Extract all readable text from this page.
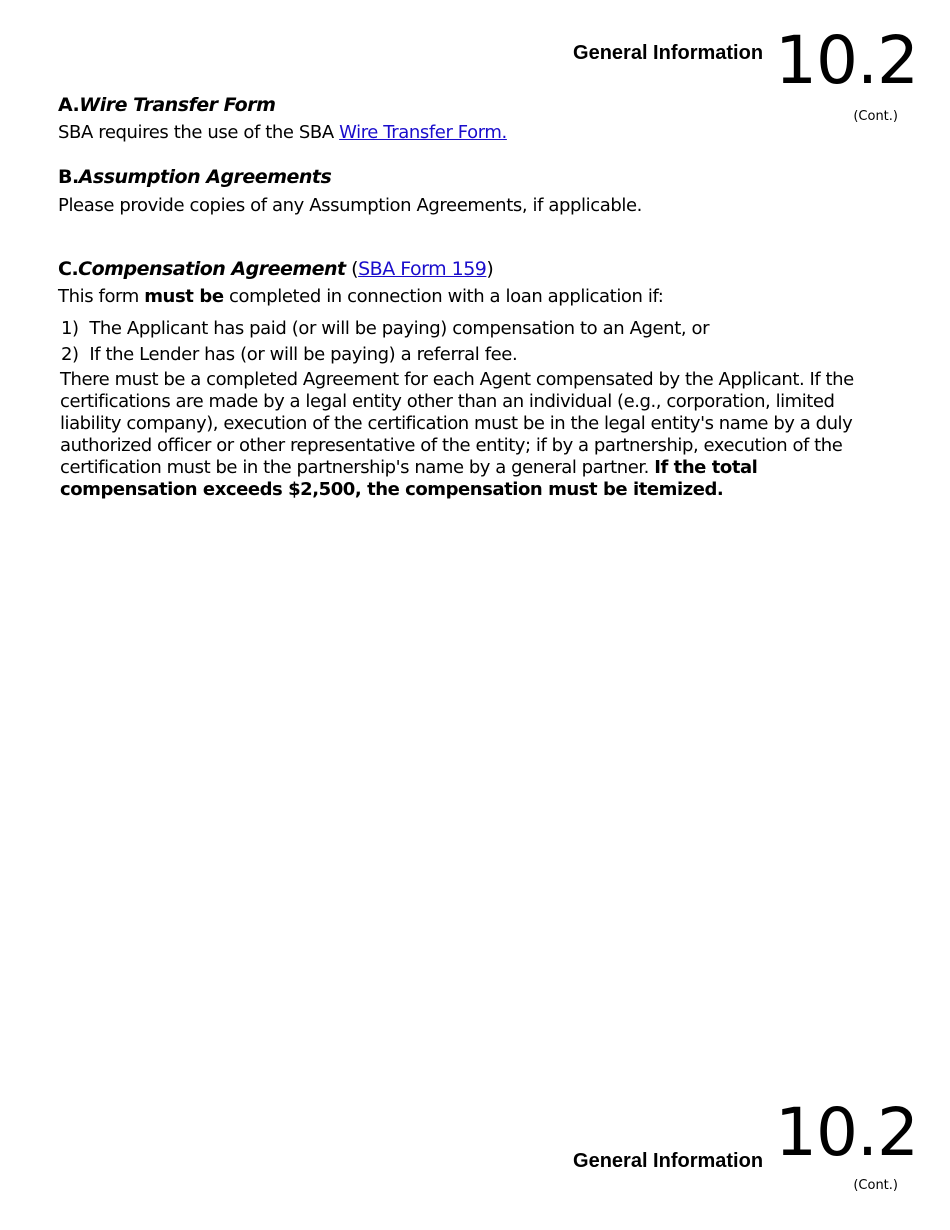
General Information 10.2
(Cont.)
A.Wire Transfer Form
SBA requires the use of the SBA Wire Transfer Form.
B.Assumption Agreements
Please provide copies of any Assumption Agreements, if applicable.
C.Compensation Agreement (SBA Form 159)
This form must be completed in connection with a loan application if:
1)  The Applicant has paid (or will be paying) compensation to an Agent, or
2)  If the Lender has (or will be paying) a referral fee.
There must be a completed Agreement for each Agent compensated by the Applicant. If the certifications are made by a legal entity other than an individual (e.g., corporation, limited liability company), execution of the certification must be in the legal entity's name by a duly authorized officer or other representative of the entity; if by a partnership, execution of the certification must be in the partnership's name by a general partner. If the total compensation exceeds $2,500, the compensation must be itemized.
General Information 10.2
(Cont.)
